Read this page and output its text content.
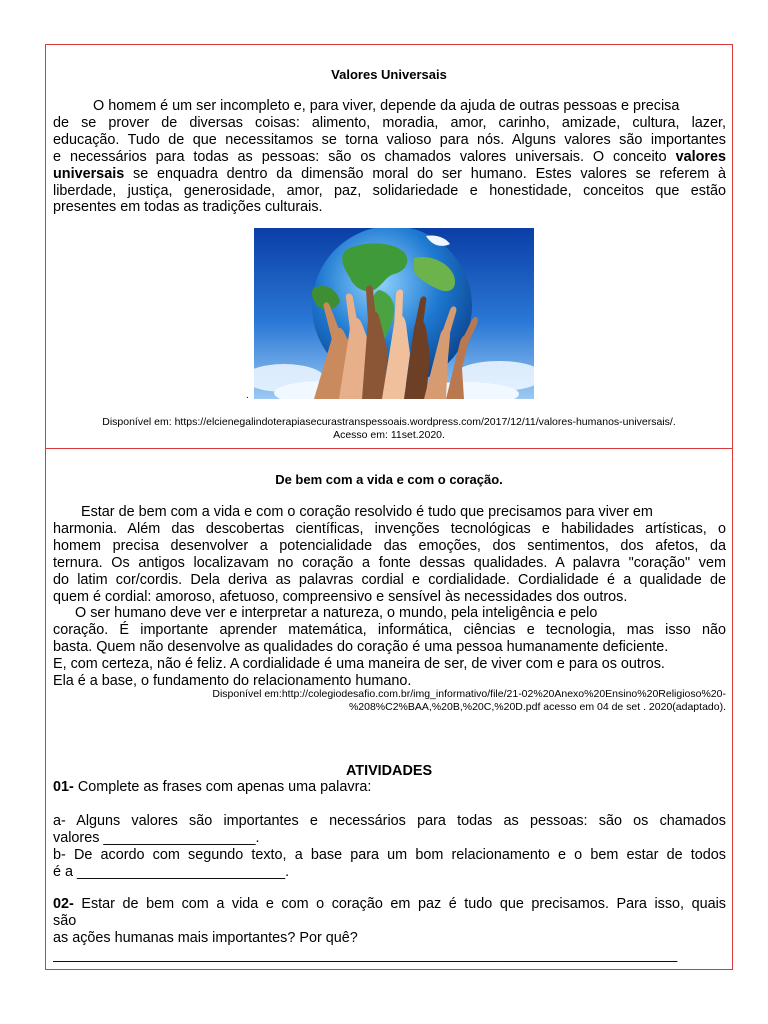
Valores Universais
O homem é um ser incompleto e, para viver, depende da ajuda de outras pessoas e precisa
de se prover de diversas coisas: alimento, moradia, amor, carinho, amizade, cultura, lazer,
educação. Tudo de que necessitamos se torna valioso para nós. Alguns valores são importantes
e necessários para todas as pessoas: são os chamados valores universais. O conceito valores
universais se enquadra dentro da dimensão moral do ser humano. Estes valores se referem à
liberdade, justiça, generosidade, amor, paz, solidariedade e honestidade, conceitos que estão
presentes em todas as tradições culturais.
.
Disponível em: https://elcienegalindoterapiasecurastranspessoais.wordpress.com/2017/12/11/valores-humanos-universais/.
Acesso em: 11set.2020.
De bem com a vida e com o coração.
Estar de bem com a vida e com o coração resolvido é tudo que precisamos para viver em
harmonia. Além das descobertas científicas, invenções tecnológicas e habilidades artísticas, o
homem precisa desenvolver a potencialidade das emoções, dos sentimentos, dos afetos, da
ternura. Os antigos localizavam no coração a fonte dessas qualidades. A palavra "coração" vem
do latim cor/cordis. Dela deriva as palavras cordial e cordialidade. Cordialidade é a qualidade de
quem é cordial: amoroso, afetuoso, compreensivo e sensível às necessidades dos outros.
O ser humano deve ver e interpretar a natureza, o mundo, pela inteligência e pelo
coração. É importante aprender matemática, informática, ciências e tecnologia, mas isso não
basta. Quem não desenvolve as qualidades do coração é uma pessoa humanamente deficiente.
E, com certeza, não é feliz. A cordialidade é uma maneira de ser, de viver com e para os outros.
Ela é a base, o fundamento do relacionamento humano.
Disponível em:http://colegiodesafio.com.br/img_informativo/file/21-02%20Anexo%20Ensino%20Religioso%20-
%208%C2%BAA,%20B,%20C,%20D.pdf acesso em 04 de set . 2020(adaptado).
ATIVIDADES
01- Complete as frases com apenas uma palavra:
a- Alguns valores são importantes e necessários para todas as pessoas: são os chamados
valores ___________________.
b- De acordo com segundo texto, a base para um bom relacionamento e o bem estar de todos
é a __________________________.
02- Estar de bem com a vida e com o coração em paz é tudo que precisamos. Para isso, quais
são
as ações humanas mais importantes? Por quê?
______________________________________________________________________________
